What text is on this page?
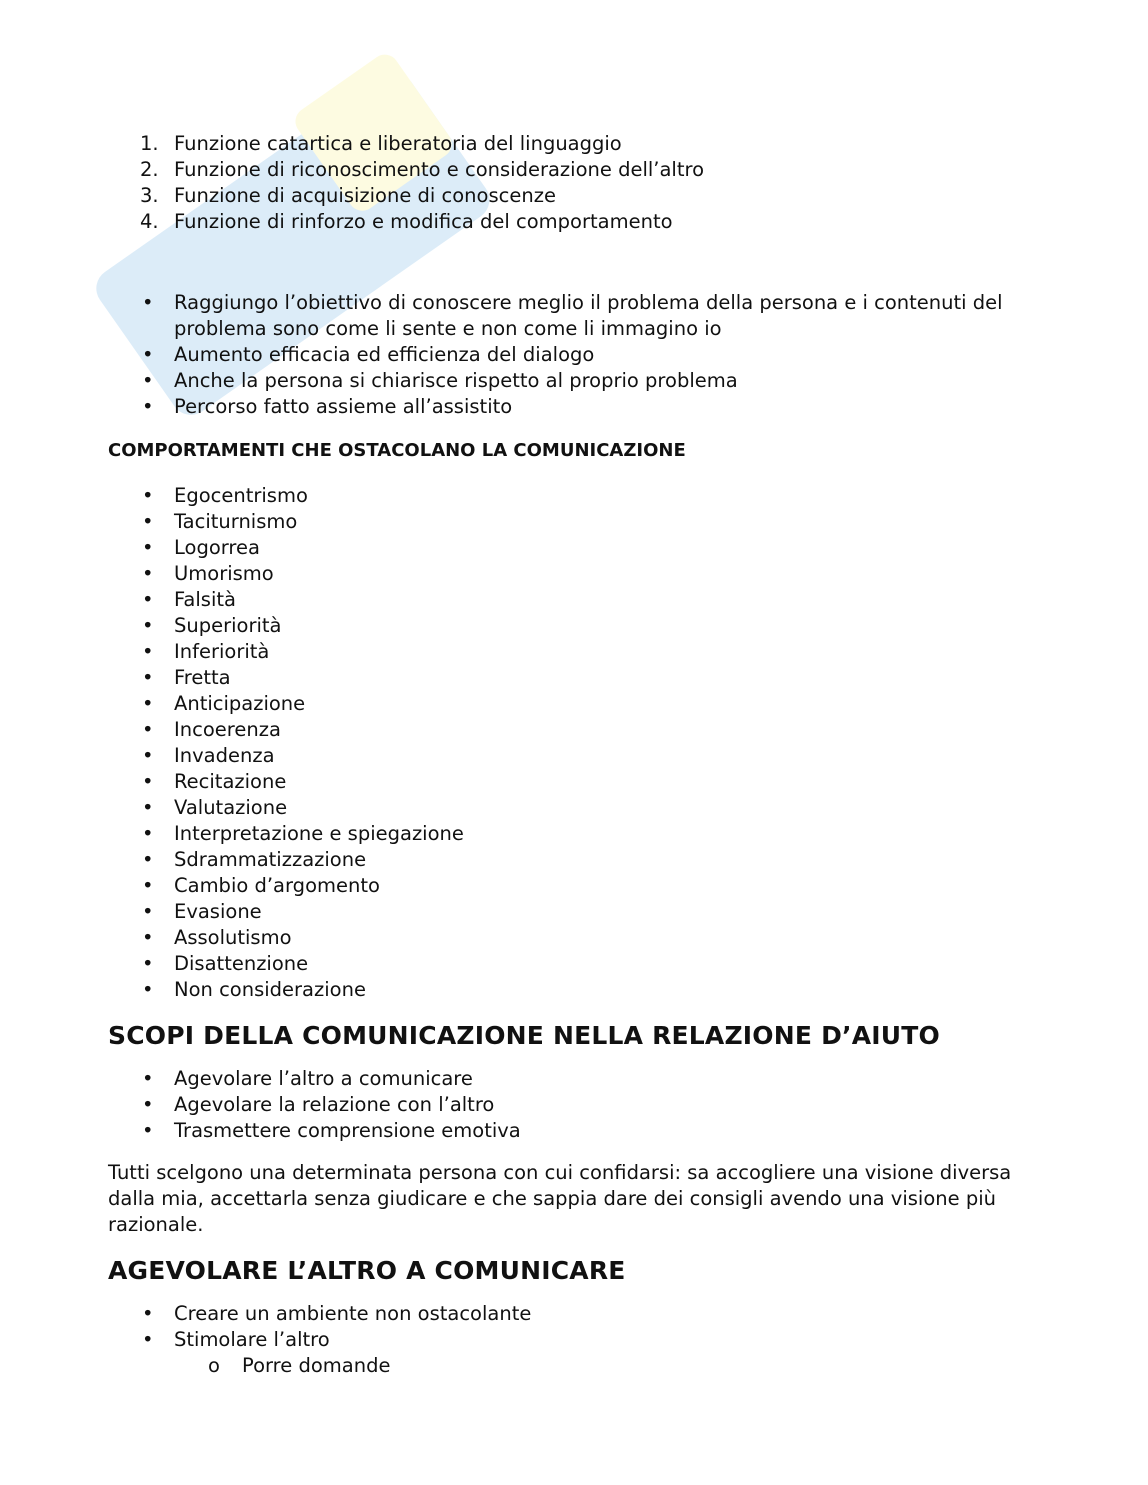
1. Funzione catartica e liberatoria del linguaggio
2. Funzione di riconoscimento e considerazione dell’altro
3. Funzione di acquisizione di conoscenze
4. Funzione di rinforzo e modifica del comportamento
• Raggiungo l’obiettivo di conoscere meglio il problema della persona e i contenuti del problema sono come li sente e non come li immagino io
• Aumento efficacia ed efficienza del dialogo
• Anche la persona si chiarisce rispetto al proprio problema
• Percorso fatto assieme all’assistito
COMPORTAMENTI CHE OSTACOLANO LA COMUNICAZIONE
• Egocentrismo
• Taciturnismo
• Logorrea
• Umorismo
• Falsità
• Superiorità
• Inferiorità
• Fretta
• Anticipazione
• Incoerenza
• Invadenza
• Recitazione
• Valutazione
• Interpretazione e spiegazione
• Sdrammatizzazione
• Cambio d’argomento
• Evasione
• Assolutismo
• Disattenzione
• Non considerazione
SCOPI DELLA COMUNICAZIONE NELLA RELAZIONE D’AIUTO
• Agevolare l’altro a comunicare
• Agevolare la relazione con l’altro
• Trasmettere comprensione emotiva

Tutti scelgono una determinata persona con cui confidarsi: sa accogliere una visione diversa dalla mia, accettarla senza giudicare e che sappia dare dei consigli avendo una visione più razionale.

AGEVOLARE L’ALTRO A COMUNICARE
• Creare un ambiente non ostacolante
• Stimolare l’altro
o Porre domande
